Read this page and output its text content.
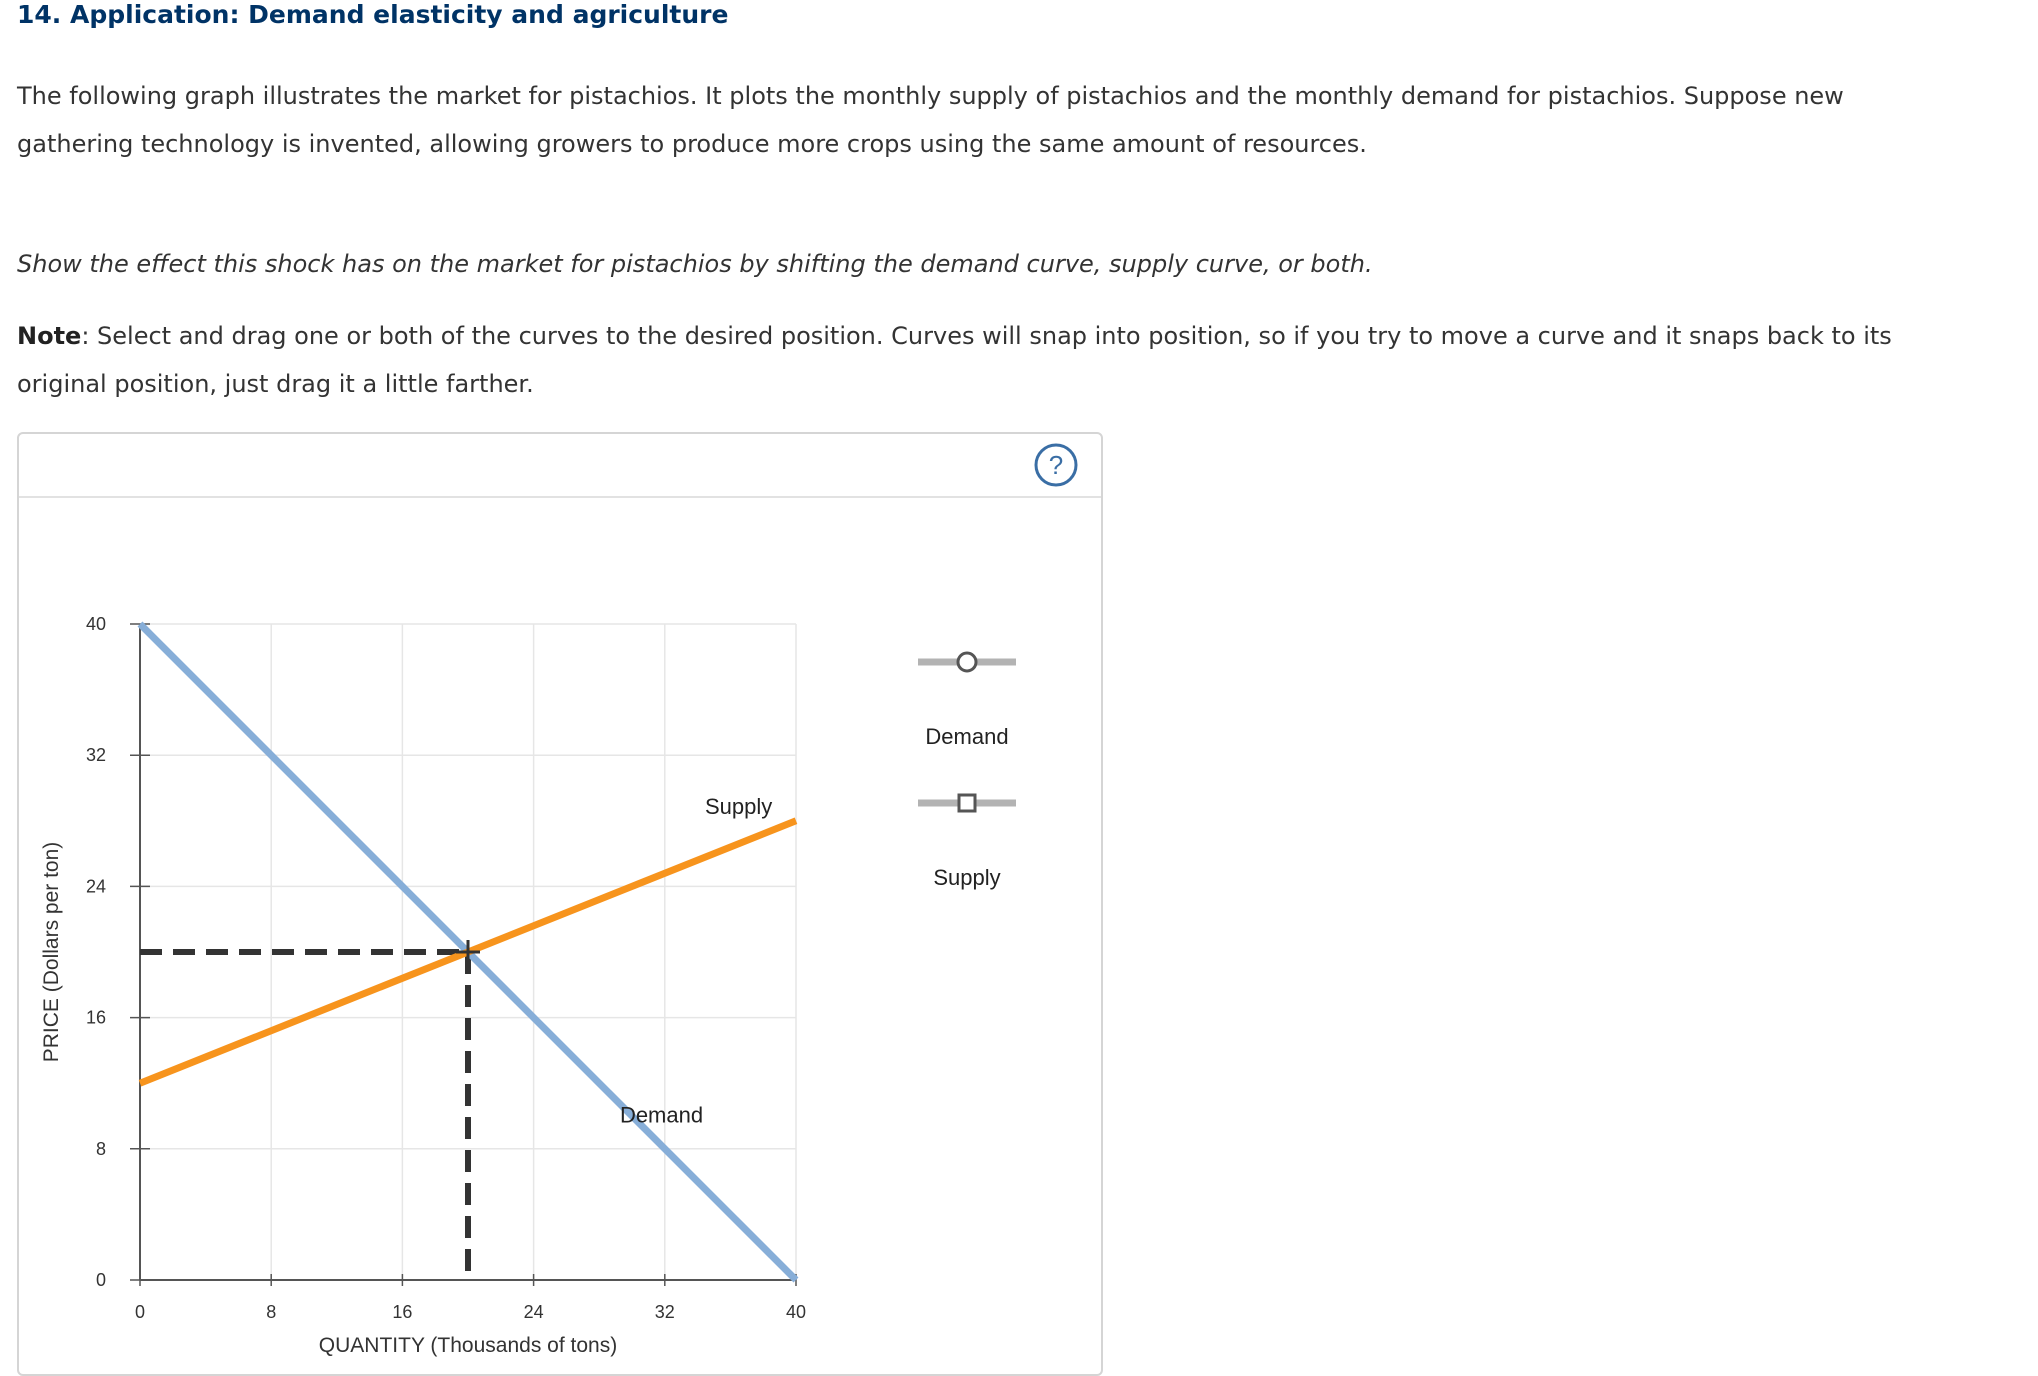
14. Application: Demand elasticity and agriculture

The following graph illustrates the market for pistachios. It plots the monthly supply of pistachios and the monthly demand for pistachios. Suppose new gathering technology is invented, allowing growers to produce more crops using the same amount of resources.

Show the effect this shock has on the market for pistachios by shifting the demand curve, supply curve, or both.

Note: Select and drag one or both of the curves to the desired position. Curves will snap into position, so if you try to move a curve and it snaps back to its original position, just drag it a little farther.

?
0	8	16	24	32	40
0
8
16
24
32
40
QUANTITY (Thousands of tons)
PRICE (Dollars per ton)
Demand
Supply
Demand
Supply
